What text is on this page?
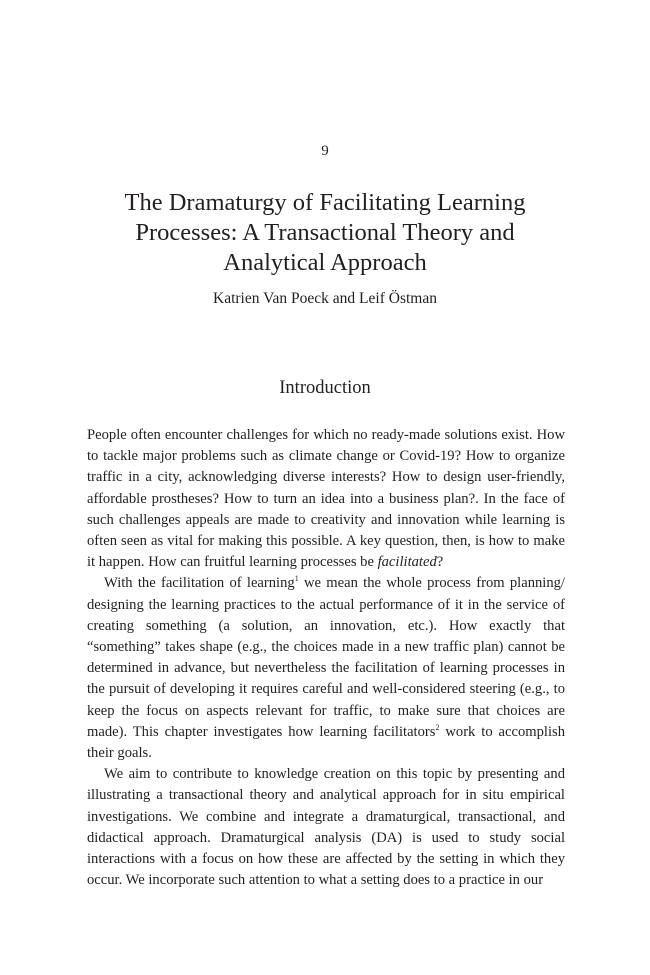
9
The Dramaturgy of Facilitating Learning Processes: A Transactional Theory and Analytical Approach
Katrien Van Poeck and Leif Östman
Introduction

People often encounter challenges for which no ready-made solutions exist. How to tackle major problems such as climate change or Covid-19? How to organize traffic in a city, acknowledging diverse interests? How to design user-friendly, affordable prostheses? How to turn an idea into a business plan?. In the face of such challenges appeals are made to creativity and innovation while learning is often seen as vital for making this possible. A key question, then, is how to make it happen. How can fruitful learning processes be facilitated?

With the facilitation of learning$^1$ we mean the whole process from planning/ designing the learning practices to the actual performance of it in the service of creating something (a solution, an innovation, etc.). How exactly that “something” takes shape (e.g., the choices made in a new traffic plan) cannot be determined in advance, but nevertheless the facilitation of learning processes in the pursuit of developing it requires careful and well-considered steering (e.g., to keep the focus on aspects relevant for traffic, to make sure that choices are made). This chapter investigates how learning facilitators$^2$ work to accomplish their goals.

We aim to contribute to knowledge creation on this topic by presenting and illustrating a transactional theory and analytical approach for in situ empirical investigations. We combine and integrate a dramaturgical, transactional, and didactical approach. Dramaturgical analysis (DA) is used to study social interactions with a focus on how these are affected by the setting in which they occur. We incorporate such attention to what a setting does to a practice in our
